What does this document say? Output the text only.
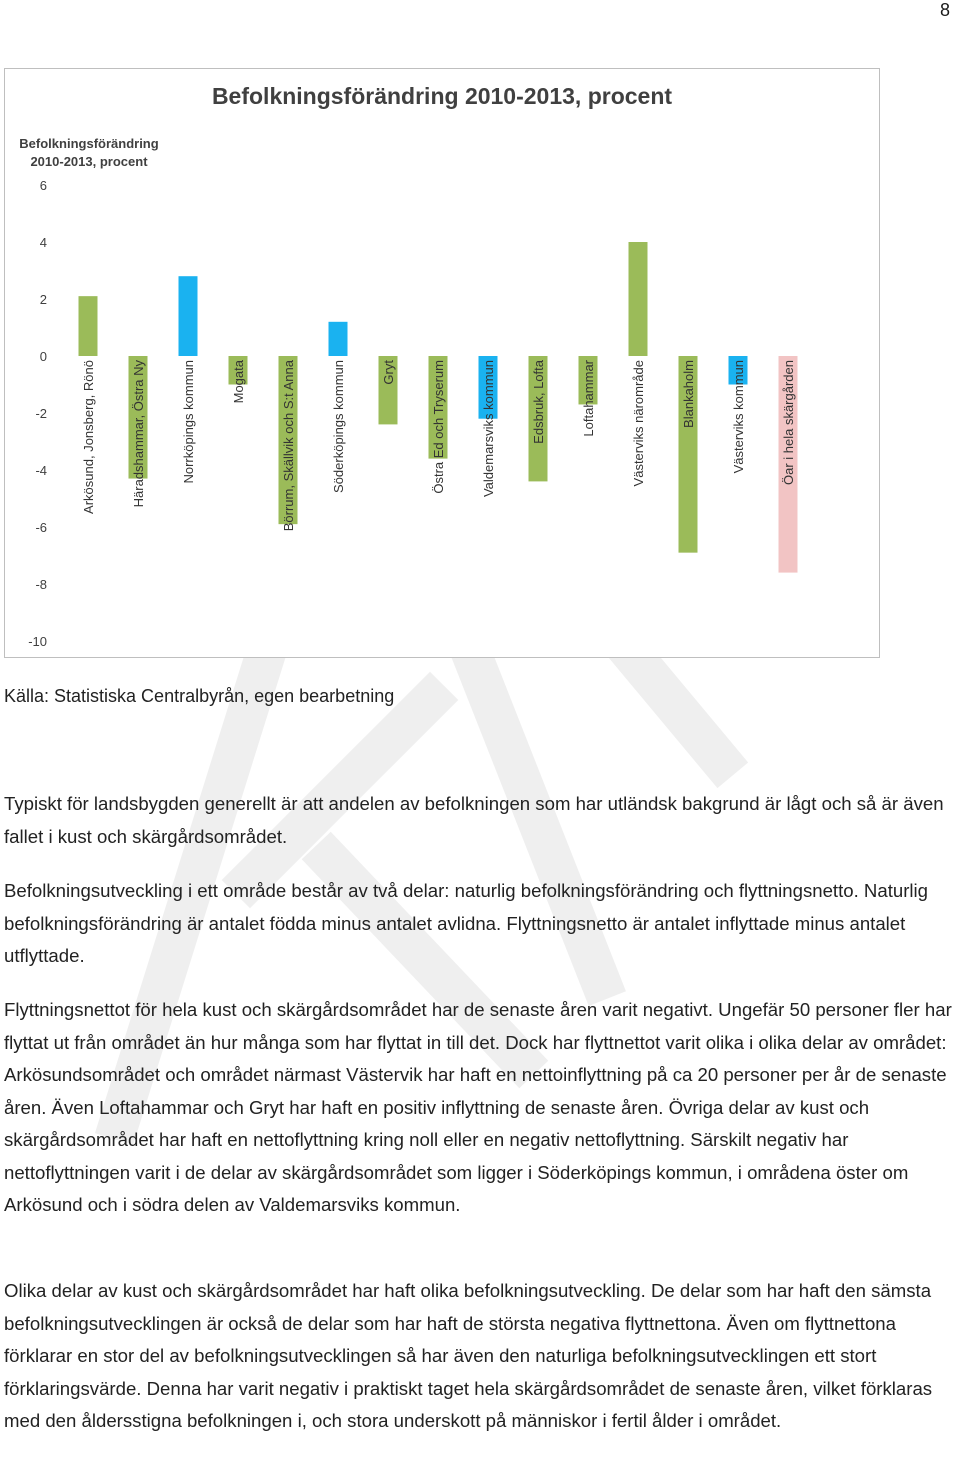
8
6
4
2
0
-2
-4
-6
-8
-10
Arkösund, Jonsberg, Rönö	Häradshammar, Östra Ny	Norrköpings kommun	Mogata	Börrum, Skällvik och S:t Anna	Söderköpings kommun	Gryt	Östra Ed och Tryserum	Valdemarsviks kommun	Edsbruk, Lofta	Loftahammar	Västerviks närområde	Blankaholm	Västerviks kommun	Öar i hela skärgården
Befolkningsförändring 2010-2013, procent
Befolkningsförändring
2010-2013, procent
Källa: Statistiska Centralbyrån, egen bearbetning

Typiskt för landsbygden generellt är att andelen av befolkningen som har utländsk bakgrund är lågt och så är även fallet i kust och skärgårdsområdet.

Befolkningsutveckling i ett område består av två delar: naturlig befolkningsförändring och flyttningsnetto. Naturlig befolkningsförändring är antalet födda minus antalet avlidna. Flyttningsnetto är antalet inflyttade minus antalet utflyttade.

Flyttningsnettot för hela kust och skärgårdsområdet har de senaste åren varit negativt. Ungefär 50 personer fler har flyttat ut från området än hur många som har flyttat in till det. Dock har flyttnettot varit olika i olika delar av området: Arkösundsområdet och området närmast Västervik har haft en nettoinflyttning på ca 20 personer per år de senaste åren. Även Loftahammar och Gryt har haft en positiv inflyttning de senaste åren. Övriga delar av kust och skärgårdsområdet har haft en nettoflyttning kring noll eller en negativ nettoflyttning. Särskilt negativ har nettoflyttningen varit i de delar av skärgårdsområdet som ligger i Söderköpings kommun, i områdena öster om Arkösund och i södra delen av Valdemarsviks kommun.

Olika delar av kust och skärgårdsområdet har haft olika befolkningsutveckling. De delar som har haft den sämsta befolkningsutvecklingen är också de delar som har haft de största negativa flyttnettona. Även om flyttnettona förklarar en stor del av befolkningsutvecklingen så har även den naturliga befolkningsutvecklingen ett stort förklaringsvärde. Denna har varit negativ i praktiskt taget hela skärgårdsområdet de senaste åren, vilket förklaras med den åldersstigna befolkningen i, och stora underskott på människor i fertil ålder i området.
